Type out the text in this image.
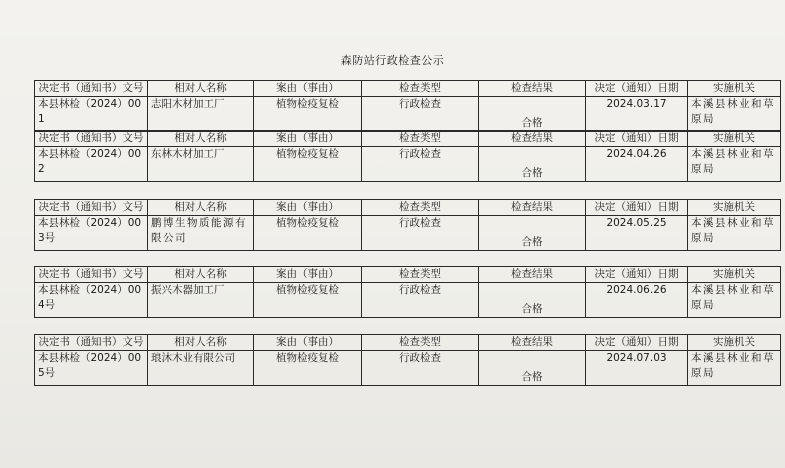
森防站行政检查公示
决定书（通知书）文号	相对人名称	案由（事由）	检查类型	检查结果	决定（通知）日期	实施机关
本县林检（2024）001	志阳木材加工厂	植物检疫复检	行政检查	合格	2024.03.17	本溪县林业和草原局
决定书（通知书）文号	相对人名称	案由（事由）	检查类型	检查结果	决定（通知）日期	实施机关
本县林检（2024）002	东林木材加工厂	植物检疫复检	行政检查	合格	2024.04.26	本溪县林业和草原局
决定书（通知书）文号	相对人名称	案由（事由）	检查类型	检查结果	决定（通知）日期	实施机关
本县林检（2024）003号	鹏博生物质能源有限公司	植物检疫复检	行政检查	合格	2024.05.25	本溪县林业和草原局
决定书（通知书）文号	相对人名称	案由（事由）	检查类型	检查结果	决定（通知）日期	实施机关
本县林检（2024）004号	振兴木器加工厂	植物检疫复检	行政检查	合格	2024.06.26	本溪县林业和草原局
决定书（通知书）文号	相对人名称	案由（事由）	检查类型	检查结果	决定（通知）日期	实施机关
本县林检（2024）005号	琅沐木业有限公司	植物检疫复检	行政检查	合格	2024.07.03	本溪县林业和草原局
